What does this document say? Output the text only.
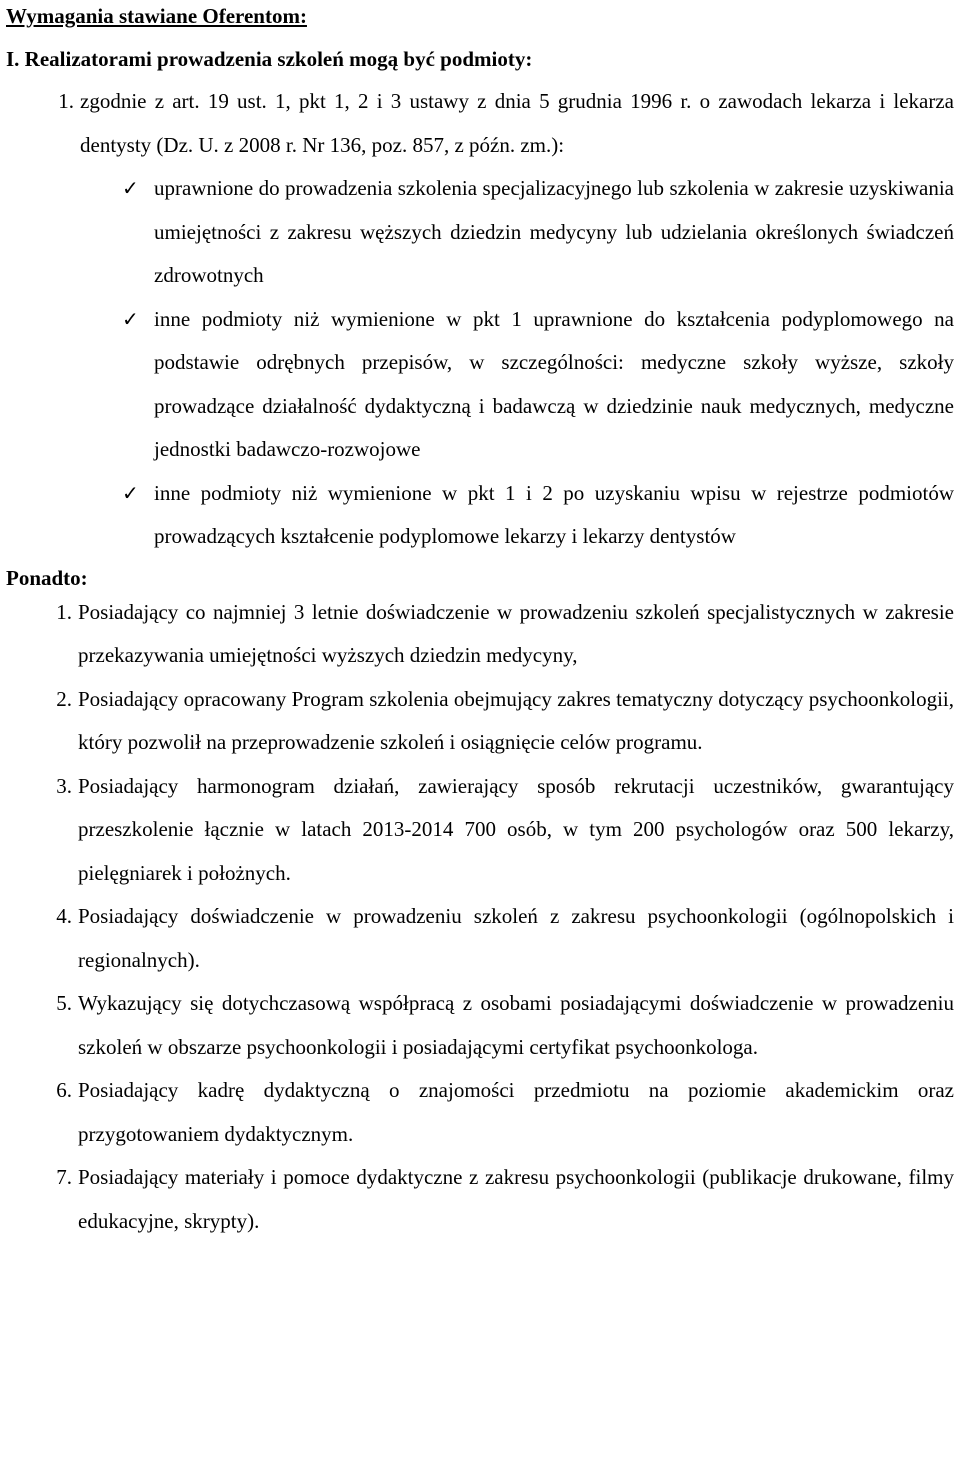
Wymagania stawiane Oferentom:
I. Realizatorami prowadzenia szkoleń mogą być podmioty:
1. zgodnie z art. 19 ust. 1, pkt 1, 2 i 3 ustawy z dnia 5 grudnia 1996 r. o zawodach lekarza i lekarza dentysty (Dz. U. z 2008 r. Nr 136, poz. 857, z późn. zm.):
✓ uprawnione do prowadzenia szkolenia specjalizacyjnego lub szkolenia w zakresie uzyskiwania umiejętności z zakresu węższych dziedzin medycyny lub udzielania określonych świadczeń zdrowotnych
✓ inne podmioty niż wymienione w pkt 1 uprawnione do kształcenia podyplomowego na podstawie odrębnych przepisów, w szczególności: medyczne szkoły wyższe, szkoły prowadzące działalność dydaktyczną i badawczą w dziedzinie nauk medycznych, medyczne jednostki badawczo-rozwojowe
✓ inne podmioty niż wymienione w pkt 1 i 2 po uzyskaniu wpisu w rejestrze podmiotów prowadzących kształcenie podyplomowe lekarzy i lekarzy dentystów
Ponadto:
1. Posiadający co najmniej 3 letnie doświadczenie w prowadzeniu szkoleń specjalistycznych w zakresie przekazywania umiejętności wyższych dziedzin medycyny,
2. Posiadający opracowany Program szkolenia obejmujący zakres tematyczny dotyczący psychoonkologii, który pozwolił na przeprowadzenie szkoleń i osiągnięcie celów programu.
3. Posiadający harmonogram działań, zawierający sposób rekrutacji uczestników, gwarantujący przeszkolenie łącznie w latach 2013-2014 700 osób, w tym 200 psychologów oraz 500 lekarzy, pielęgniarek i położnych.
4. Posiadający doświadczenie w prowadzeniu szkoleń z zakresu psychoonkologii (ogólnopolskich i regionalnych).
5. Wykazujący się dotychczasową współpracą z osobami posiadającymi doświadczenie w prowadzeniu szkoleń w obszarze psychoonkologii i posiadającymi certyfikat psychoonkologa.
6. Posiadający kadrę dydaktyczną o znajomości przedmiotu na poziomie akademickim oraz przygotowaniem dydaktycznym.
7. Posiadający materiały i pomoce dydaktyczne z zakresu psychoonkologii (publikacje drukowane, filmy edukacyjne, skrypty).
